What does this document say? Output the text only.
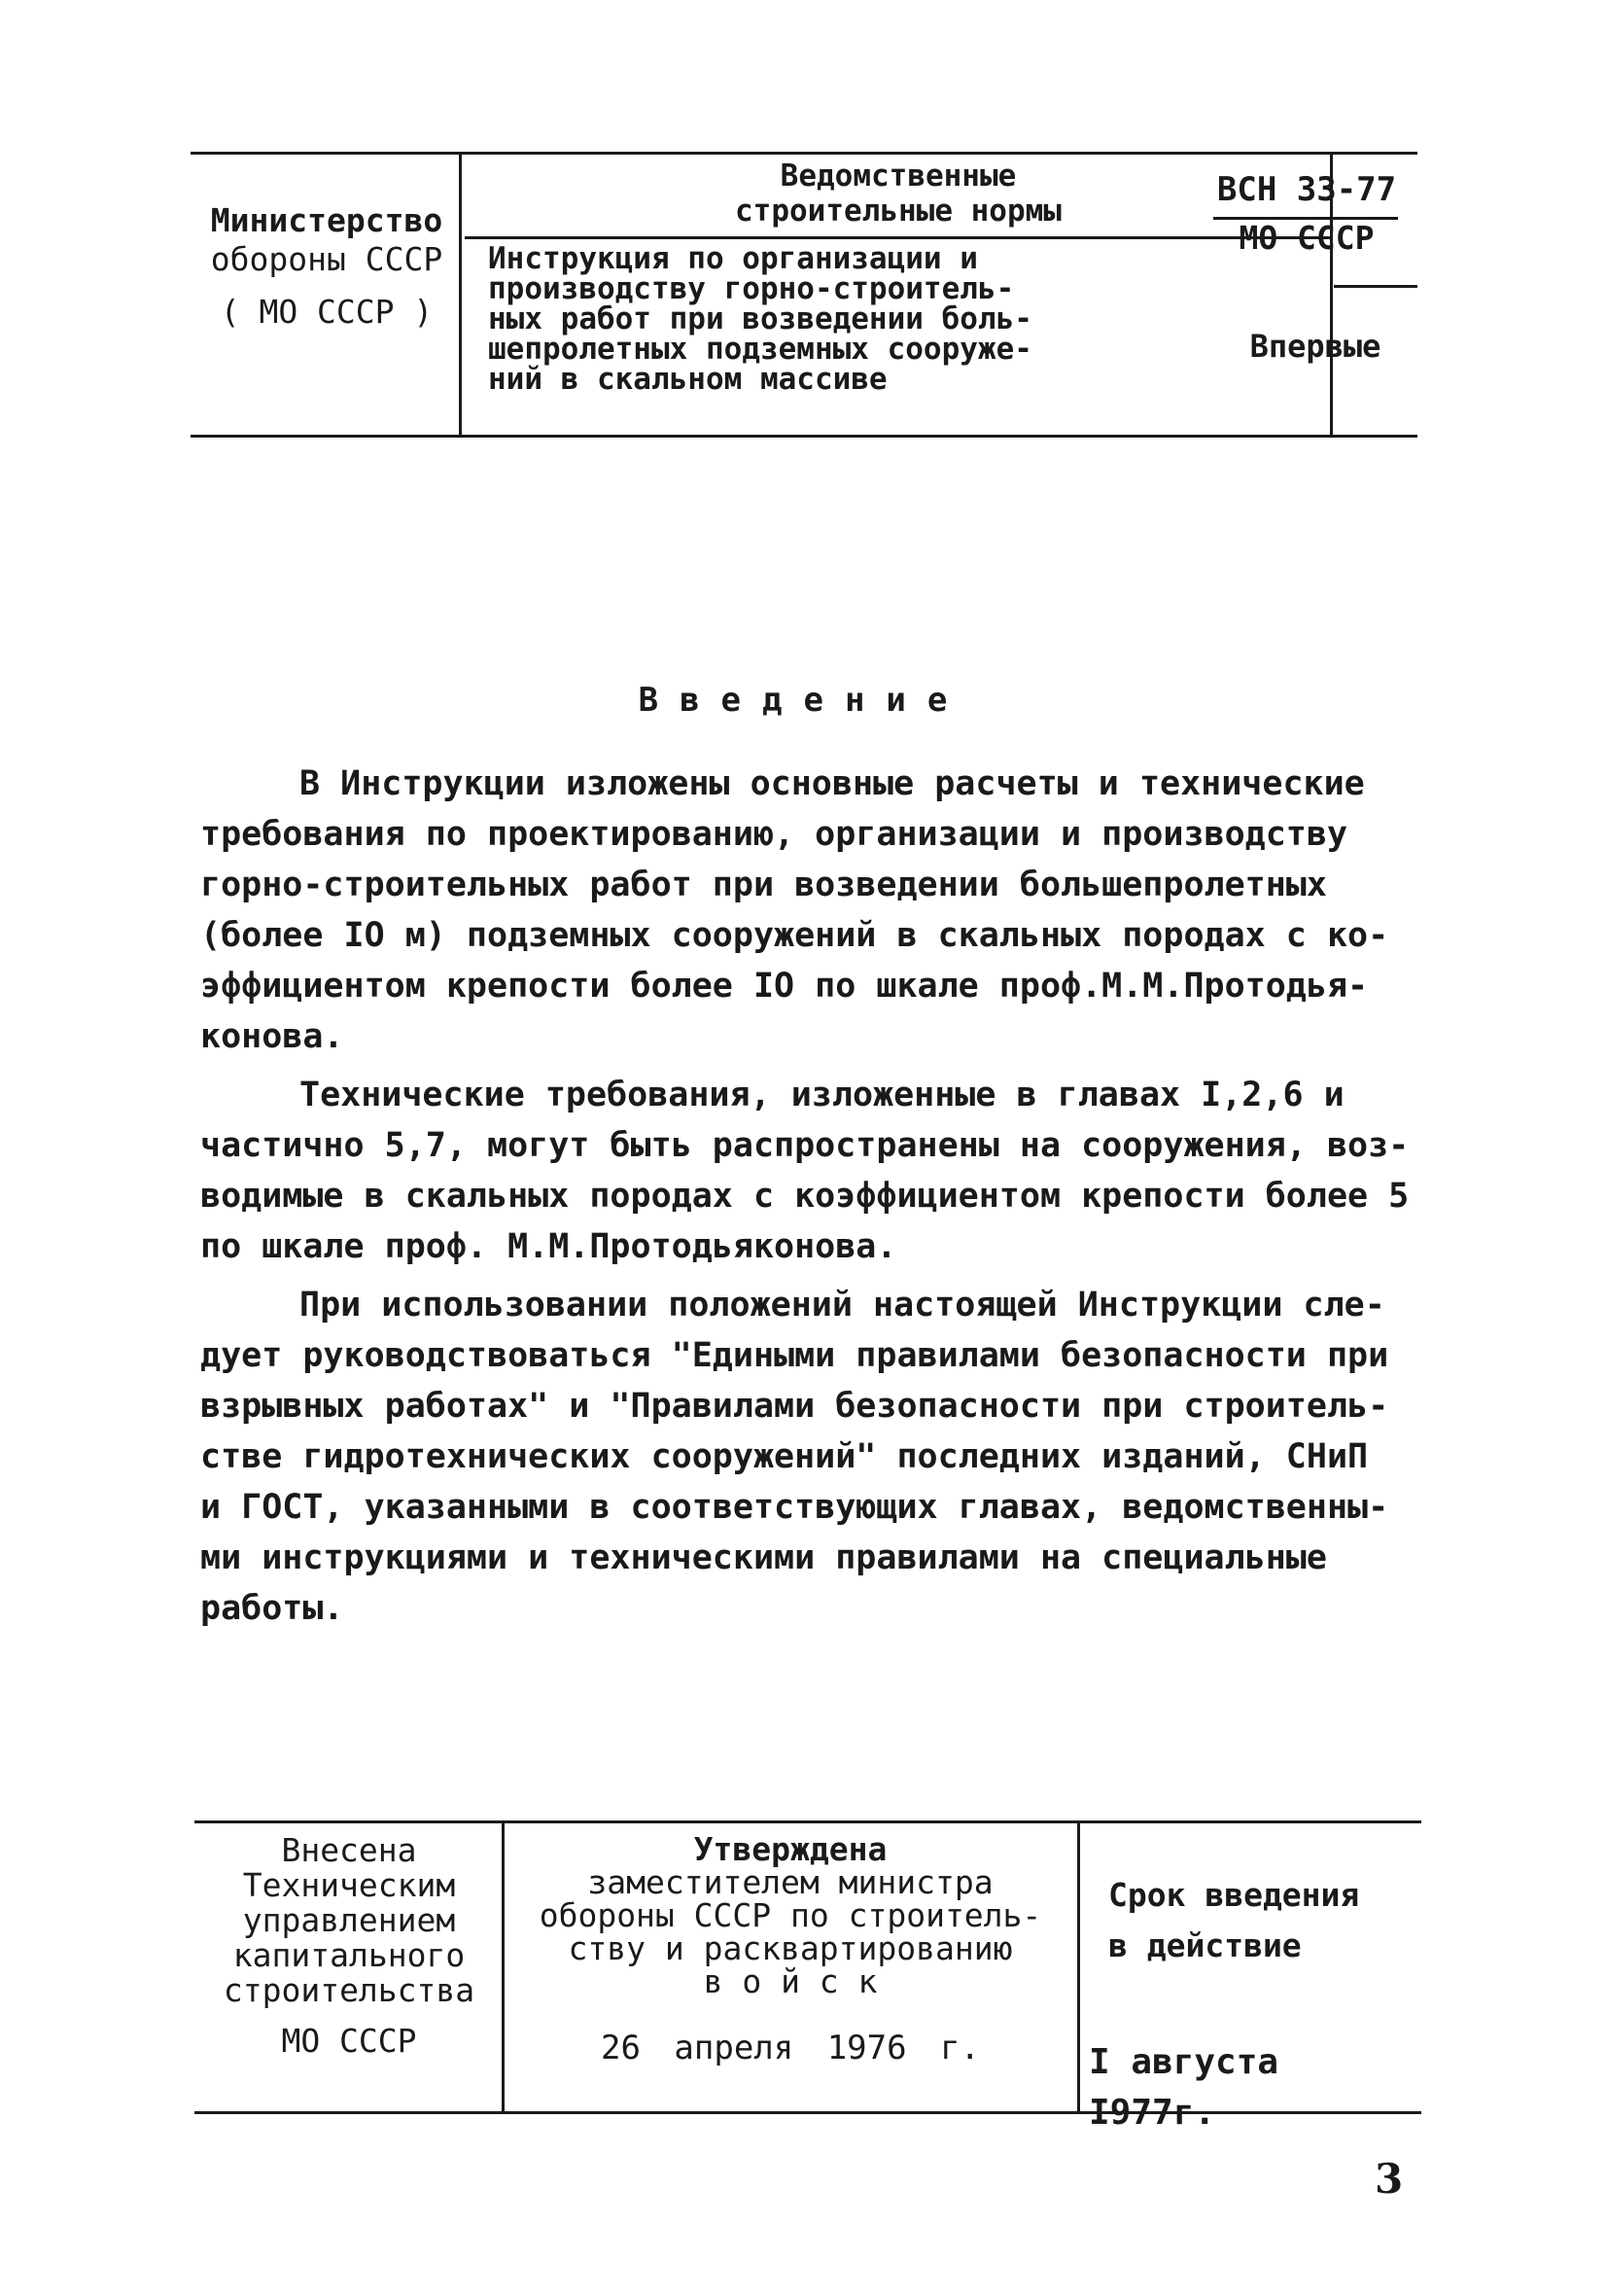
Министерство
обороны СССР
( МО СССР )
Ведомственные
строительные нормы
Инструкция по организации и
производству горно-строитель-
ных работ при возведении боль-
шепролетных подземных сооруже-
ний в скальном массиве
ВСН 33-77
МО СССР
Впервые
Введение

В Инструкции изложены основные расчеты и технические
требования по проектированию, организации и производству
горно-строительных работ при возведении большепролетных
(более IO м) подземных сооружений в скальных породах с ко-
эффициентом крепости более IO по шкале проф.М.М.Протодья-
конова.

Технические требования, изложенные в главах I,2,6 и
частично 5,7, могут быть распространены на сооружения, воз-
водимые в скальных породах с коэффициентом крепости более 5
по шкале проф. М.М.Протодьяконова.

При использовании положений настоящей Инструкции сле-
дует руководствоваться "Едиными правилами безопасности при
взрывных работах" и "Правилами безопасности при строитель-
стве гидротехнических сооружений" последних изданий, СНиП
и ГОСТ, указанными в соответствующих главах, ведомственны-
ми инструкциями и техническими правилами на специальные
работы.

Внесена
Техническим
управлением
капитального
строительства
МО СССР
Утверждена
заместителем министра
обороны СССР по строитель-
ству и расквартированию
в о й с к
26 апреля 1976 г.
Срок введения
в действие
I августа I977г.
3
